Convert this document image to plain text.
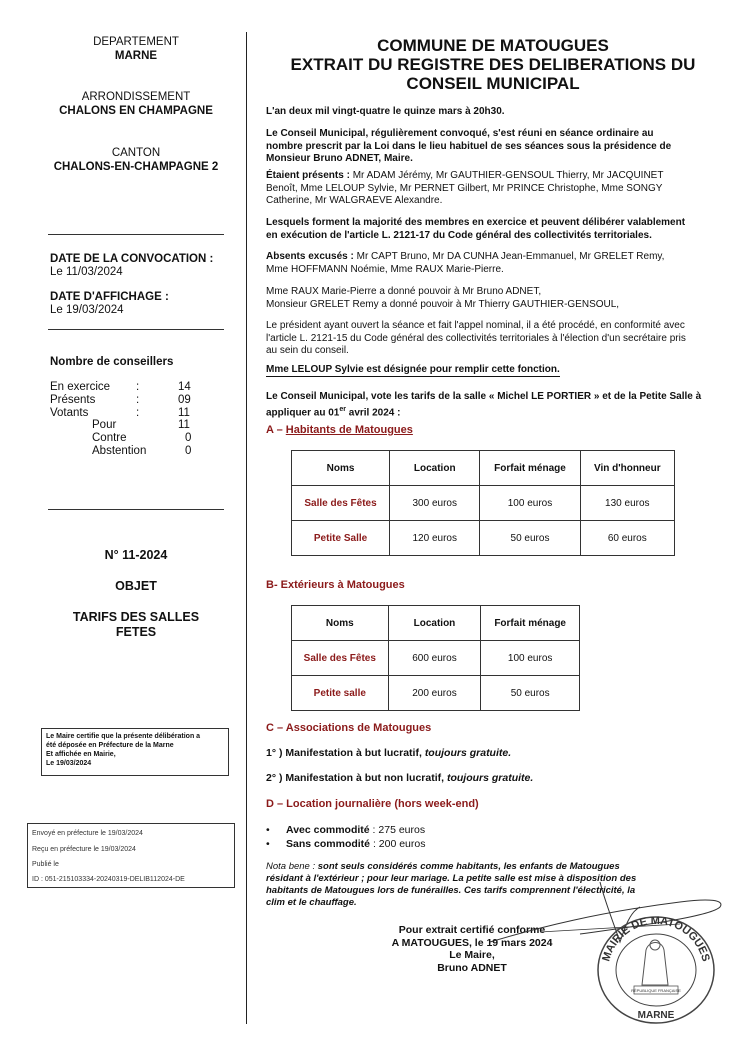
DEPARTEMENT
MARNE
ARRONDISSEMENT
CHALONS EN CHAMPAGNE
CANTON
CHALONS-EN-CHAMPAGNE 2
DATE DE LA CONVOCATION :
Le 11/03/2024
DATE D'AFFICHAGE :
Le 19/03/2024
Nombre de conseillers
En exercice :	14
Présents	:	09
Votants	:	11
Pour	11
Contre	0
Abstention	0
N° 11-2024
OBJET
TARIFS DES SALLES
FETES
Le Maire certifie que la présente délibération a
été déposée en Préfecture de la Marne
Et affichée en Mairie,
Le 19/03/2024
Envoyé en préfecture le 19/03/2024
Reçu en préfecture le 19/03/2024
Publié le
ID : 051-215103334-20240319-DELIB112024-DE
COMMUNE DE MATOUGUES
EXTRAIT DU REGISTRE DES DELIBERATIONS DU
CONSEIL MUNICIPAL
L'an deux mil vingt-quatre le quinze mars à 20h30.
Le Conseil Municipal, régulièrement convoqué, s'est réuni en séance ordinaire au
nombre prescrit par la Loi dans le lieu habituel de ses séances sous la présidence de
Monsieur Bruno ADNET, Maire.
Étaient présents : Mr ADAM Jérémy, Mr GAUTHIER-GENSOUL Thierry, Mr JACQUINET
Benoît, Mme LELOUP Sylvie, Mr PERNET Gilbert, Mr PRINCE Christophe, Mme SONGY
Catherine, Mr WALGRAEVE Alexandre.
Lesquels forment la majorité des membres en exercice et peuvent délibérer valablement
en exécution de l'article L. 2121-17 du Code général des collectivités territoriales.
Absents excusés : Mr CAPT Bruno, Mr DA CUNHA Jean-Emmanuel, Mr GRELET Remy,
Mme HOFFMANN Noémie, Mme RAUX Marie-Pierre.
Mme RAUX Marie-Pierre a donné pouvoir à Mr Bruno ADNET,
Monsieur GRELET Remy a donné pouvoir à Mr Thierry GAUTHIER-GENSOUL,
Le président ayant ouvert la séance et fait l'appel nominal, il a été procédé, en conformité avec
l'article L. 2121-15 du Code général des collectivités territoriales à l'élection d'un secrétaire pris
au sein du conseil.
Mme LELOUP Sylvie est désignée pour remplir cette fonction.
Le Conseil Municipal, vote les tarifs de la salle « Michel LE PORTIER » et de la Petite Salle à
appliquer au 01er avril 2024 :
A – Habitants de Matougues
Noms	Location	Forfait ménage	Vin d'honneur
Salle des Fêtes	300 euros	100 euros	130 euros
Petite Salle	120 euros	50 euros	60 euros
B- Extérieurs à Matougues
Noms	Location	Forfait ménage
Salle des Fêtes	600 euros	100 euros
Petite salle	200 euros	50 euros
C – Associations de Matougues
1° ) Manifestation à but lucratif, toujours gratuite.
2° ) Manifestation à but non lucratif, toujours gratuite.
D – Location journalière (hors week-end)
• Avec commodité : 275 euros
• Sans commodité : 200 euros
Nota bene : sont seuls considérés comme habitants, les enfants de Matougues
résidant à l'extérieur ; pour leur mariage. La petite salle est mise à disposition des
habitants de Matougues lors de funérailles. Ces tarifs comprennent l'électricité, la
clim et le chauffage.
Pour extrait certifié conforme
A MATOUGUES, le 19 mars 2024
Le Maire,
Bruno ADNET
MAIRIE DE MATOUGUES
MARNE
RÉPUBLIQUE FRANÇAISE
